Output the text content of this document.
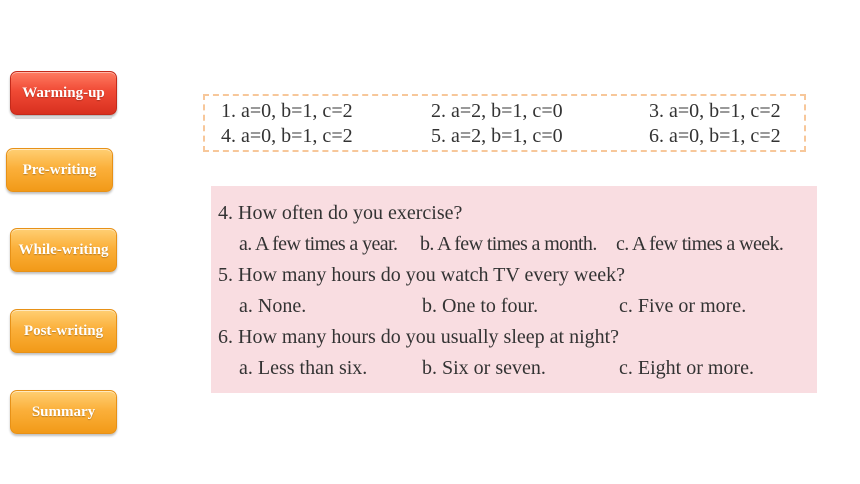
Warming-up
Pre-writing
While-writing
Post-writing
Summary
1. a=0, b=1, c=2	2. a=2, b=1, c=0	3. a=0, b=1, c=2
4. a=0, b=1, c=2	5. a=2, b=1, c=0	6. a=0, b=1, c=2
4. How often do you exercise?
a. A few times a year. b. A few times a month. c. A few times a week.
5. How many hours do you watch TV every week?
a. None.	b. One to four.	c. Five or more.
6. How many hours do you usually sleep at night?
a. Less than six.	b. Six or seven.	c. Eight or more.
